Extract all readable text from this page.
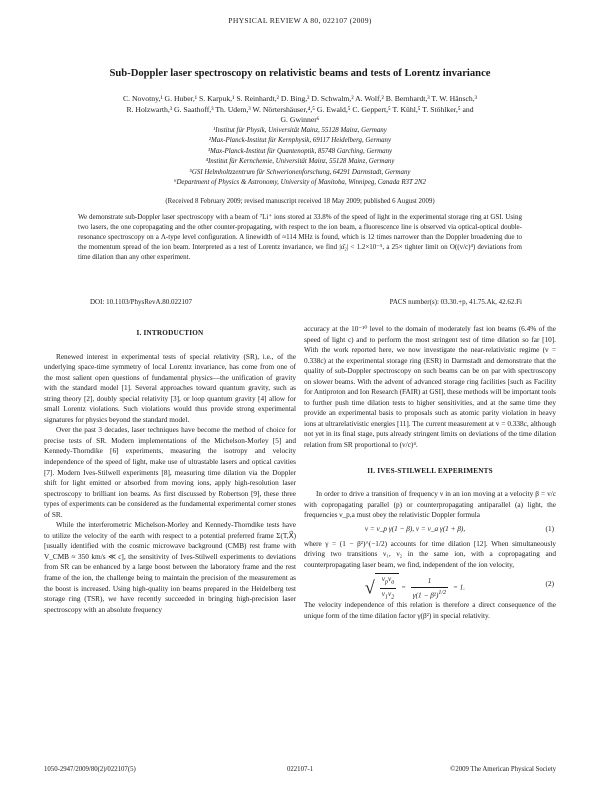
PHYSICAL REVIEW A 80, 022107 (2009)
Sub-Doppler laser spectroscopy on relativistic beams and tests of Lorentz invariance
C. Novotny,¹ G. Huber,¹ S. Karpuk,¹ S. Reinhardt,² D. Bing,² D. Schwalm,² A. Wolf,² B. Bernhardt,³ T. W. Hänsch,³
R. Holzwarth,³ G. Saathoff,³ Th. Udem,³ W. Nörtershäuser,⁴,⁵ G. Ewald,⁵ C. Geppert,⁵ T. Kühl,⁵ T. Stöhlker,⁵ and
G. Gwinner⁶
¹Institut für Physik, Universität Mainz, 55128 Mainz, Germany
²Max-Planck-Institut für Kernphysik, 69117 Heidelberg, Germany
³Max-Planck-Institut für Quantenoptik, 85748 Garching, Germany
⁴Institut für Kernchemie, Universität Mainz, 55128 Mainz, Germany
⁵GSI Helmholtzzentrum für Schwerionenforschung, 64291 Darmstadt, Germany
⁶Department of Physics & Astronomy, University of Manitoba, Winnipeg, Canada R3T 2N2
(Received 8 February 2009; revised manuscript received 18 May 2009; published 6 August 2009)
We demonstrate sub-Doppler laser spectroscopy with a beam of ⁷Li⁺ ions stored at 33.8% of the speed of light in the experimental storage ring at GSI. Using two lasers, the one copropagating and the other counter-propagating, with respect to the ion beam, a fluorescence line is observed via optical-optical double-resonance spectroscopy on a Λ-type level configuration. A linewidth of ≈114 MHz is found, which is 12 times narrower than the Doppler broadening due to the momentum spread of the ion beam. Interpreted as a test of Lorentz invariance, we find |α̂₂| < 1.2×10⁻⁵, a 25× tighter limit on O((v/c)⁴) deviations from time dilation than any other experiment.
DOI: 10.1103/PhysRevA.80.022107	PACS number(s): 03.30.+p, 41.75.Ak, 42.62.Fi
I. INTRODUCTION

Renewed interest in experimental tests of special relativity (SR), i.e., of the underlying space-time symmetry of local Lorentz invariance, has come from one of the most salient open questions of fundamental physics—the unification of gravity with the standard model [1]. Several approaches toward quantum gravity, such as string theory [2], doubly special relativity [3], or loop quantum gravity [4] allow for small Lorentz violations. Such violations would thus provide strong experimental signatures for physics beyond the standard model.

Over the past 3 decades, laser techniques have become the method of choice for precise tests of SR. Modern implementations of the Michelson-Morley [5] and Kennedy-Thorndike [6] experiments, measuring the isotropy and velocity independence of the speed of light, make use of ultrastable lasers and optical cavities [7]. Modern Ives-Stilwell experiments [8], measuring time dilation via the Doppler shift for light emitted or absorbed from moving ions, apply high-resolution laser spectroscopy to brilliant ion beams. As first discussed by Robertson [9], these three types of experiments can be considered as the fundamental experimental corner stones of SR.

While the interferometric Michelson-Morley and Kennedy-Thorndike tests have to utilize the velocity of the earth with respect to a potential preferred frame Σ(T,X⃗) [usually identified with the cosmic microwave background (CMB) rest frame with V_CMB ≈ 350 km/s ≪ c], the sensitivity of Ives-Stilwell experiments to deviations from SR can be enhanced by a large boost between the laboratory frame and the rest frame of the ion, the challenge being to maintain the precision of the measurement as the boost is increased. Using high-quality ion beams prepared in the Heidelberg test storage ring (TSR), we have recently succeeded in bringing high-precision laser spectroscopy with an absolute frequency

accuracy at the 10⁻¹⁰ level to the domain of moderately fast ion beams (6.4% of the speed of light c) and to perform the most stringent test of time dilation so far [10]. With the work reported here, we now investigate the near-relativistic regime (v = 0.338c) at the experimental storage ring (ESR) in Darmstadt and demonstrate that the quality of sub-Doppler spectroscopy on such beams can be on par with spectroscopy on slower beams. With the advent of advanced storage ring facilities [such as Facility for Antiproton and Ion Research (FAIR) at GSI], these methods will be important tools to further push time dilation tests to higher sensitivities, and at the same time they provide an experimental basis to proposals such as atomic parity violation in heavy ions at ultrarelativistic energies [11]. The current measurement at v = 0.338c, although not yet in its final stage, puts already stringent limits on deviations of the time dilation relation from SR proportional to (v/c)⁴.

II. IVES-STILWELL EXPERIMENTS

In order to drive a transition of frequency ν in an ion moving at a velocity β = v/c with copropagating parallel (p) or counterpropagating antiparallel (a) light, the frequencies ν_p,a must obey the relativistic Doppler formula

ν = ν_p γ(1 − β), ν = ν_a γ(1 + β),	(1)

where γ = (1 − β²)^(−1/2) accounts for time dilation [12]. When simultaneously driving two transitions ν₁, ν₂ in the same ion, with a copropagating and counterpropagating laser beam, we find, independent of the ion velocity,

√ $\frac{\nu_p\nu_a}{\nu_1\nu_2} = \frac{1}{\gamma(1 - \beta^2)^{1/2}} = 1$.	(2)

The velocity independence of this relation is therefore a direct consequence of the unique form of the time dilation factor γ(β²) in special relativity.

1050-2947/2009/80(2)/022107(5)	022107-1	©2009 The American Physical Society
